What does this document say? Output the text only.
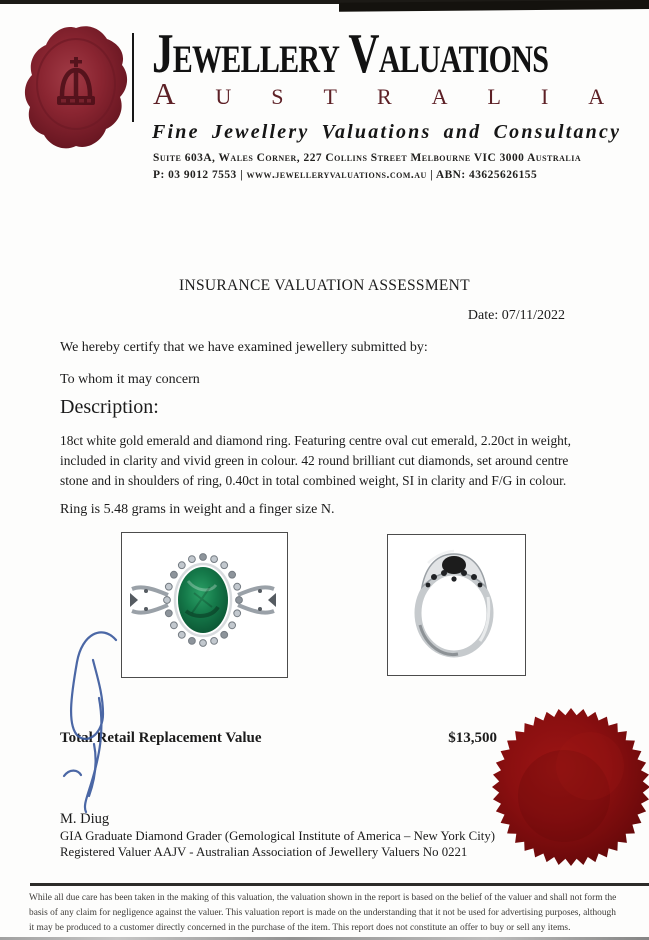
Jewellery Valuations
Australia
Fine Jewellery Valuations and Consultancy
Suite 603A, Wales Corner, 227 Collins Street Melbourne VIC 3000 Australia
P: 03 9012 7553 | www.jewelleryvaluations.com.au | ABN: 43625626155
INSURANCE VALUATION ASSESSMENT
Date: 07/11/2022
We hereby certify that we have examined jewellery submitted by:
To whom it may concern
Description:
18ct white gold emerald and diamond ring. Featuring centre oval cut emerald, 2.20ct in weight, included in clarity and vivid green in colour. 42 round brilliant cut diamonds, set around centre stone and in shoulders of ring, 0.40ct in total combined weight, SI in clarity and F/G in colour.
Ring is 5.48 grams in weight and a finger size N.
Total Retail Replacement Value	$13,500
M. Diug
GIA Graduate Diamond Grader (Gemological Institute of America – New York City)
Registered Valuer AAJV - Australian Association of Jewellery Valuers No 0221
While all due care has been taken in the making of this valuation, the valuation shown in the report is based on the belief of the valuer and shall not form the basis of any claim for negligence against the valuer. This valuation report is made on the understanding that it not be used for advertising purposes, although it may be produced to a customer directly concerned in the purchase of the item. This report does not constitute an offer to buy or sell any items.
